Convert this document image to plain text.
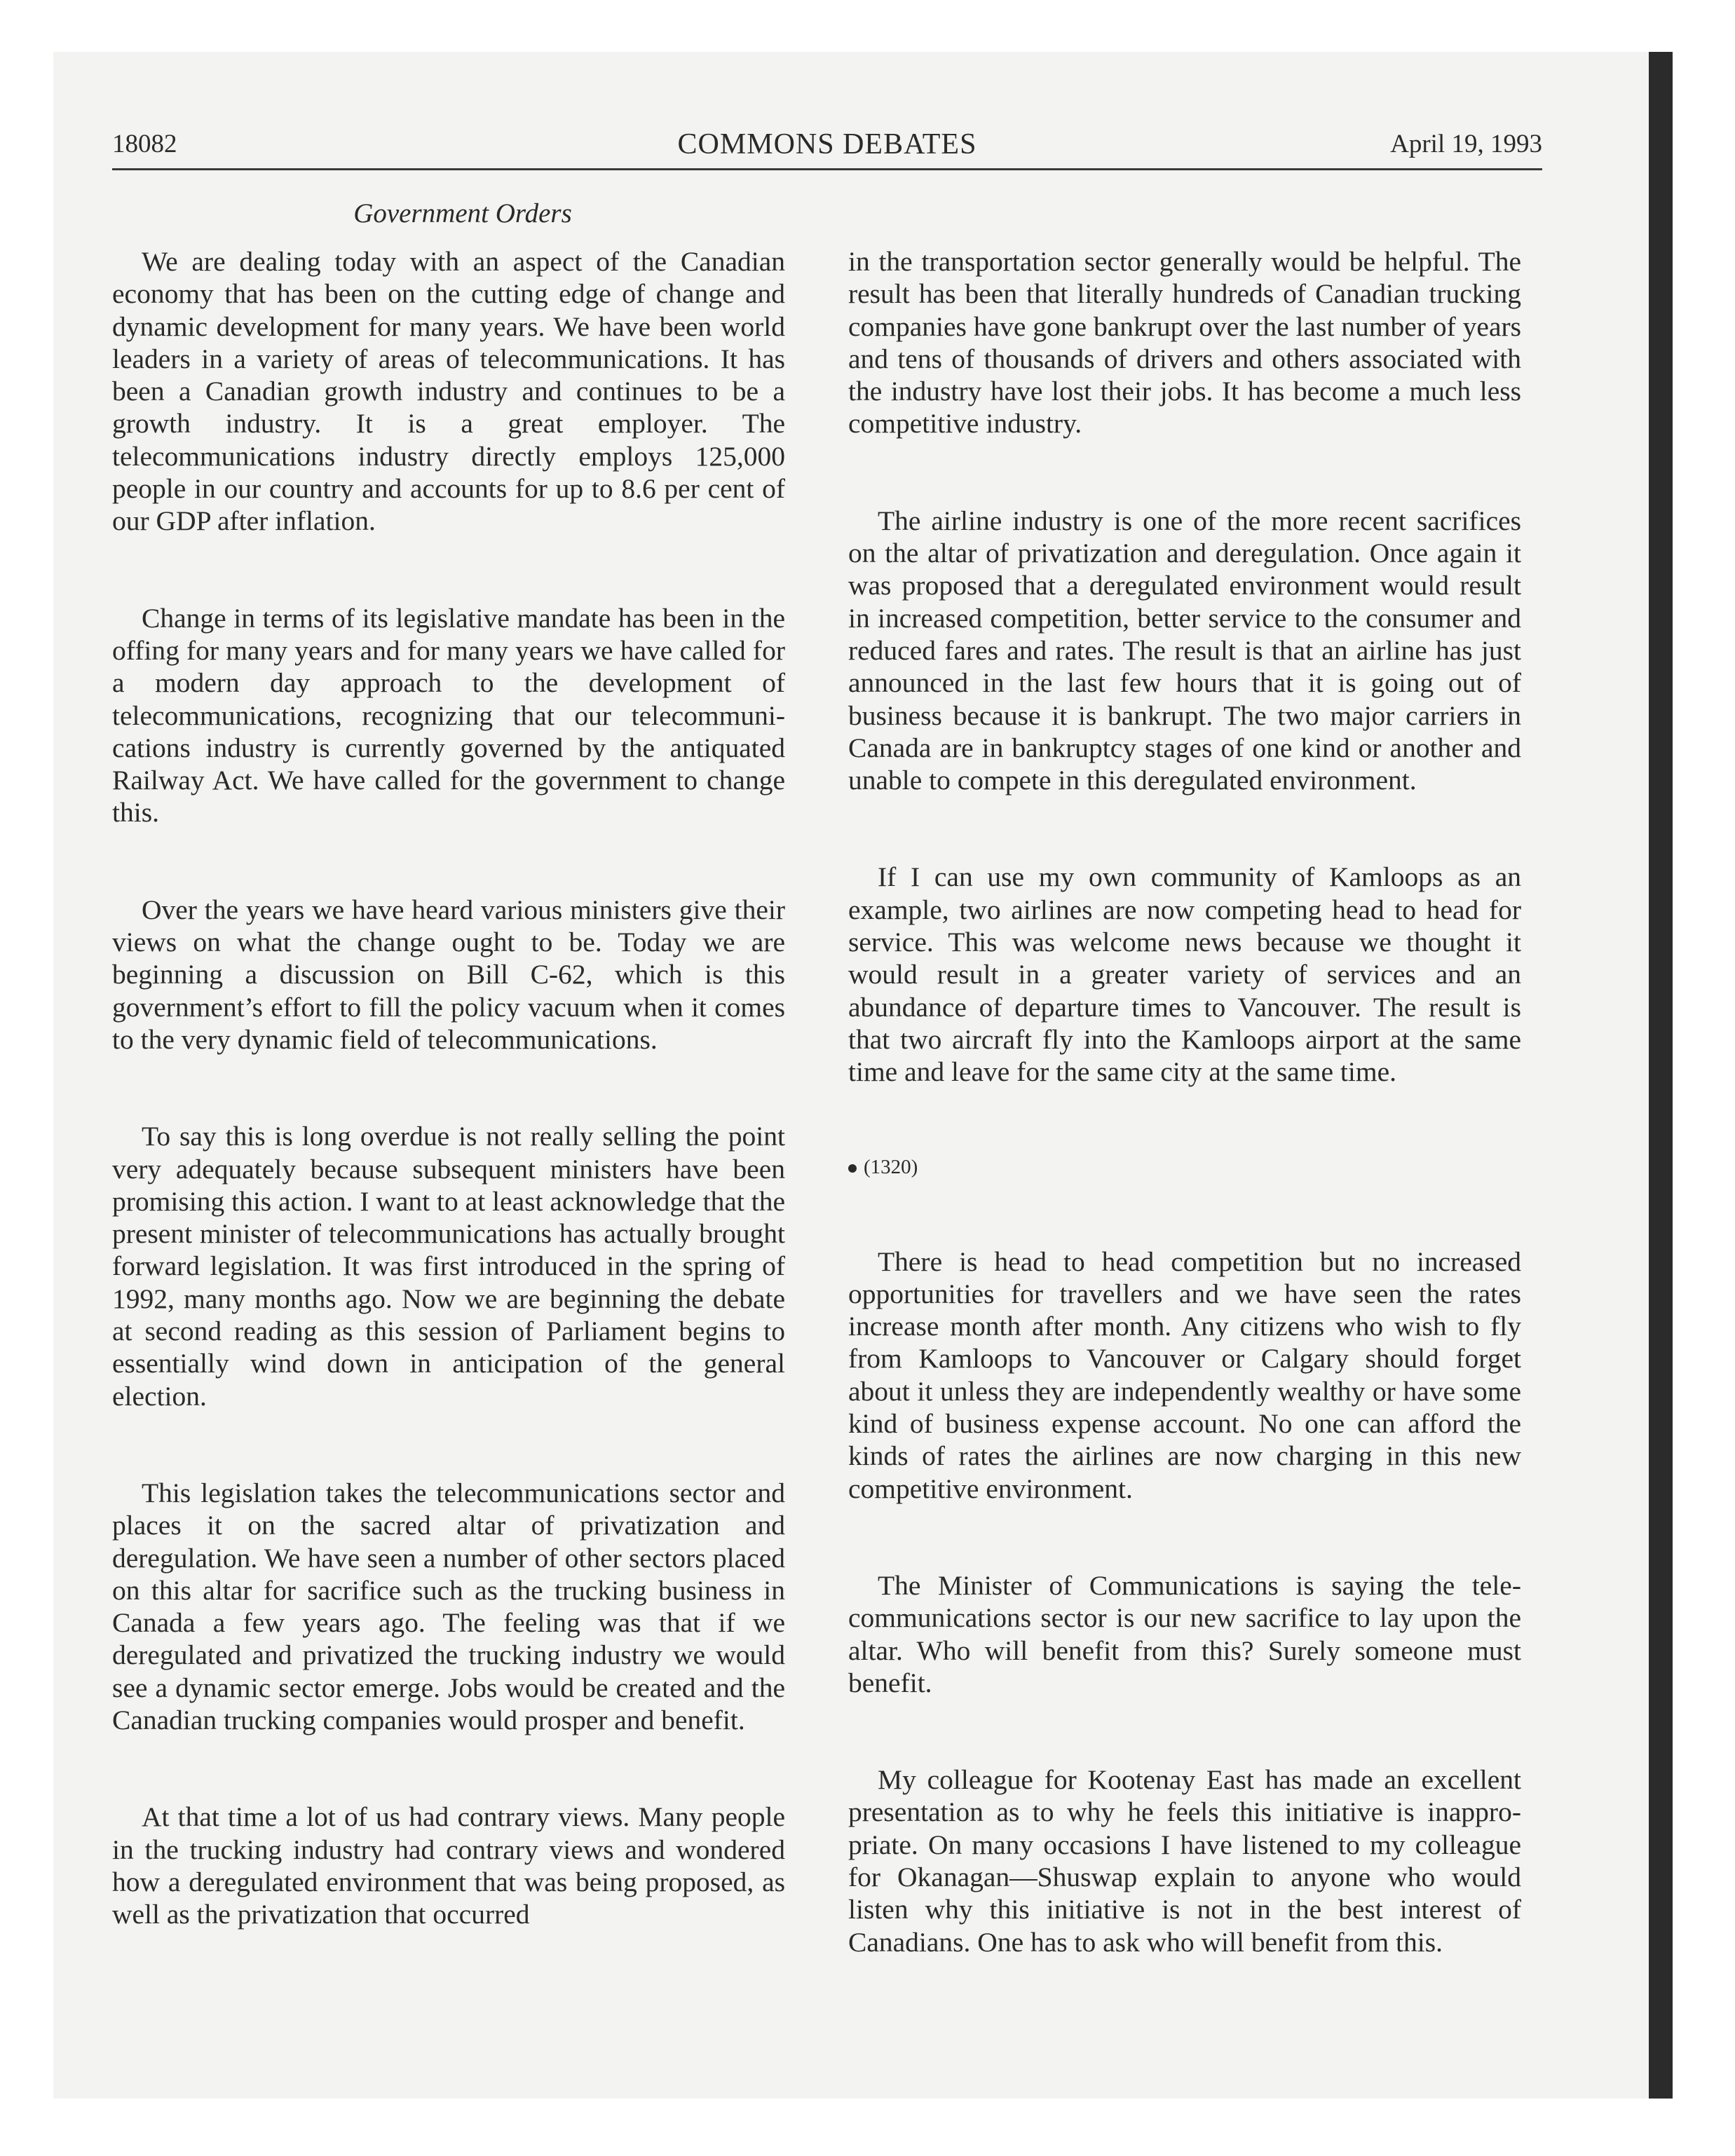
18082	COMMONS DEBATES	April 19, 1993
Government Orders

We are dealing today with an aspect of the Canadian economy that has been on the cutting edge of change and dynamic development for many years. We have been world leaders in a variety of areas of telecommunications. It has been a Canadian growth industry and continues to be a growth industry. It is a great employer. The telecommunications industry directly employs 125,000 people in our country and accounts for up to 8.6 per cent of our GDP after inflation.

Change in terms of its legislative mandate has been in the offing for many years and for many years we have called for a modern day approach to the development of telecommunications, recognizing that our telecommunications industry is currently governed by the antiquated Railway Act. We have called for the government to change this.

Over the years we have heard various ministers give their views on what the change ought to be. Today we are beginning a discussion on Bill C-62, which is this government’s effort to fill the policy vacuum when it comes to the very dynamic field of telecommunications.

To say this is long overdue is not really selling the point very adequately because subsequent ministers have been promising this action. I want to at least acknowledge that the present minister of telecommunications has actually brought forward legislation. It was first introduced in the spring of 1992, many months ago. Now we are beginning the debate at second reading as this session of Parliament begins to essentially wind down in anticipation of the general election.

This legislation takes the telecommunications sector and places it on the sacred altar of privatization and deregulation. We have seen a number of other sectors placed on this altar for sacrifice such as the trucking business in Canada a few years ago. The feeling was that if we deregulated and privatized the trucking industry we would see a dynamic sector emerge. Jobs would be created and the Canadian trucking companies would prosper and benefit.

At that time a lot of us had contrary views. Many people in the trucking industry had contrary views and wondered how a deregulated environment that was being proposed, as well as the privatization that occurred

in the transportation sector generally would be helpful. The result has been that literally hundreds of Canadian trucking companies have gone bankrupt over the last number of years and tens of thousands of drivers and others associated with the industry have lost their jobs. It has become a much less competitive industry.

The airline industry is one of the more recent sacrifices on the altar of privatization and deregulation. Once again it was proposed that a deregulated environment would result in increased competition, better service to the consumer and reduced fares and rates. The result is that an airline has just announced in the last few hours that it is going out of business because it is bankrupt. The two major carriers in Canada are in bankruptcy stages of one kind or another and unable to compete in this deregulated environment.

If I can use my own community of Kamloops as an example, two airlines are now competing head to head for service. This was welcome news because we thought it would result in a greater variety of services and an abundance of departure times to Vancouver. The result is that two aircraft fly into the Kamloops airport at the same time and leave for the same city at the same time.

(1320)

There is head to head competition but no increased opportunities for travellers and we have seen the rates increase month after month. Any citizens who wish to fly from Kamloops to Vancouver or Calgary should forget about it unless they are independently wealthy or have some kind of business expense account. No one can afford the kinds of rates the airlines are now charging in this new competitive environment.

The Minister of Communications is saying the telecommunications sector is our new sacrifice to lay upon the altar. Who will benefit from this? Surely someone must benefit.

My colleague for Kootenay East has made an excellent presentation as to why he feels this initiative is inappropriate. On many occasions I have listened to my colleague for Okanagan—Shuswap explain to anyone who would listen why this initiative is not in the best interest of Canadians. One has to ask who will benefit from this.
